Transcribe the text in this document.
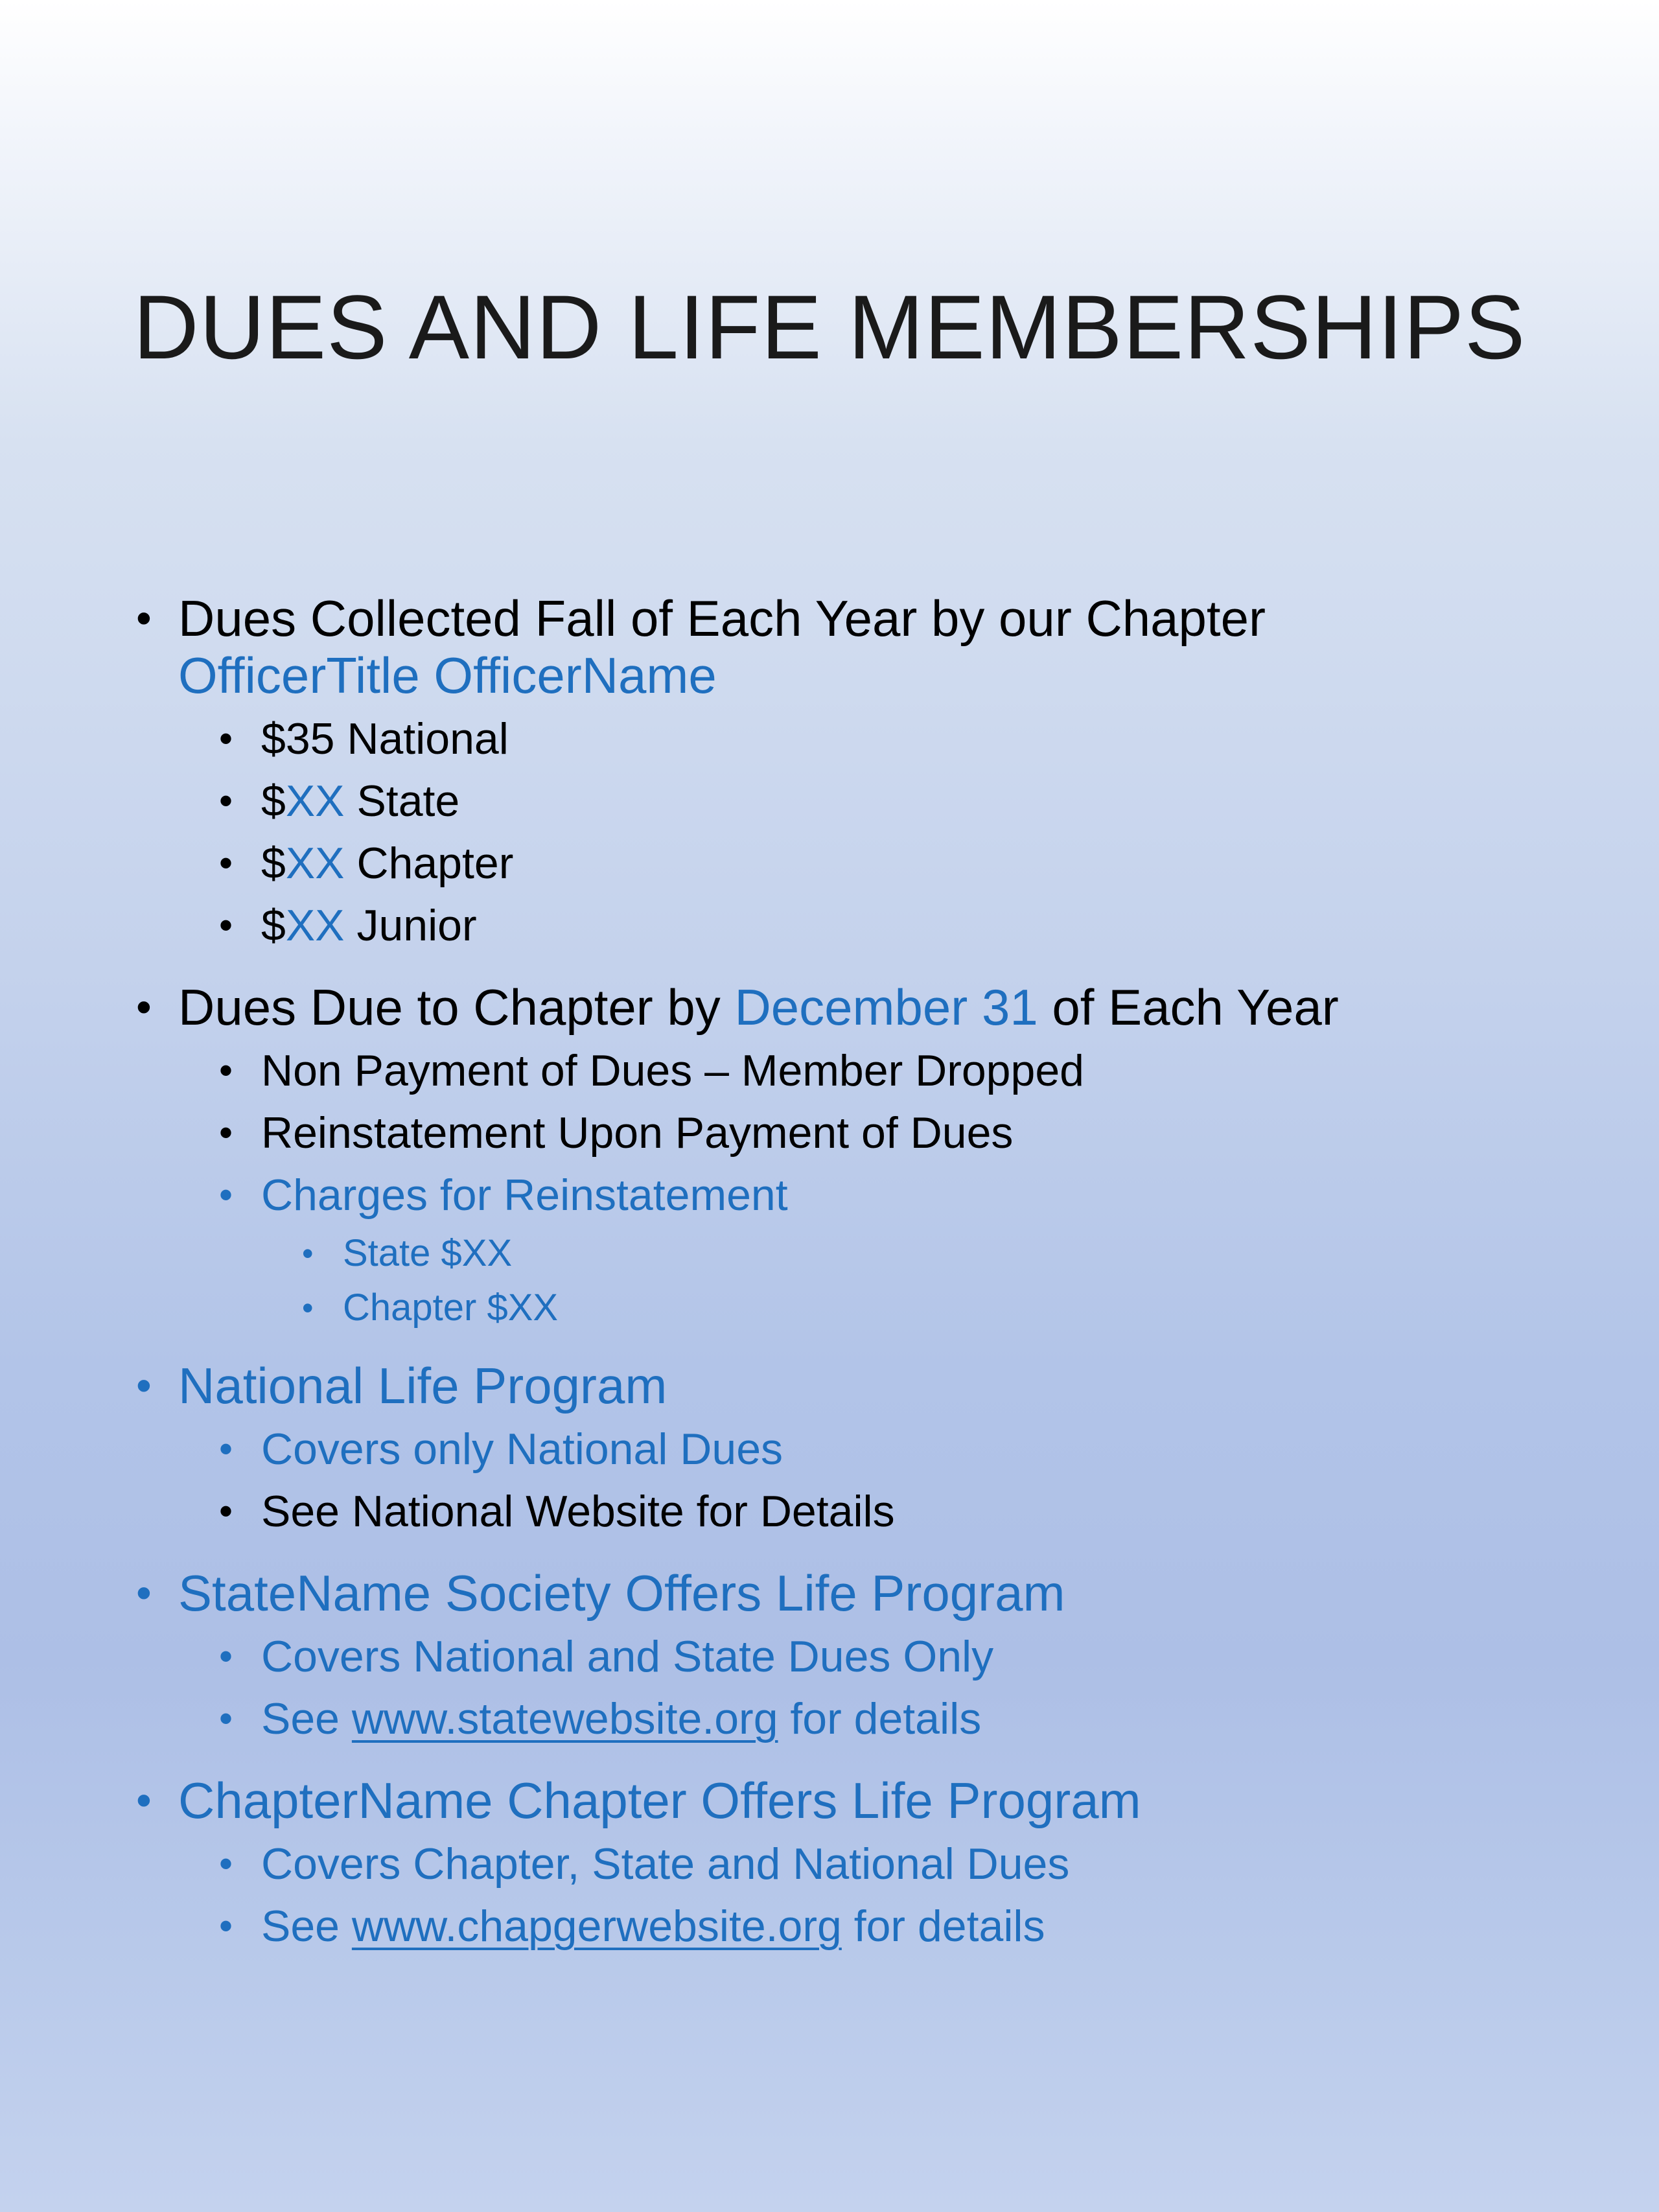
DUES AND LIFE MEMBERSHIPS
• Dues Collected Fall of Each Year by our Chapter
OfficerTitle OfficerName
• $35 National
• $XX State
• $XX Chapter
• $XX Junior
• Dues Due to Chapter by December 31 of Each Year
• Non Payment of Dues – Member Dropped
• Reinstatement Upon Payment of Dues
• Charges for Reinstatement
• State $XX
• Chapter $XX
• National Life Program
• Covers only National Dues
• See National Website for Details
• StateName Society Offers Life Program
• Covers National and State Dues Only
• See www.statewebsite.org for details
• ChapterName Chapter Offers Life Program
• Covers Chapter, State and National Dues
• See www.chapgerwebsite.org for details
